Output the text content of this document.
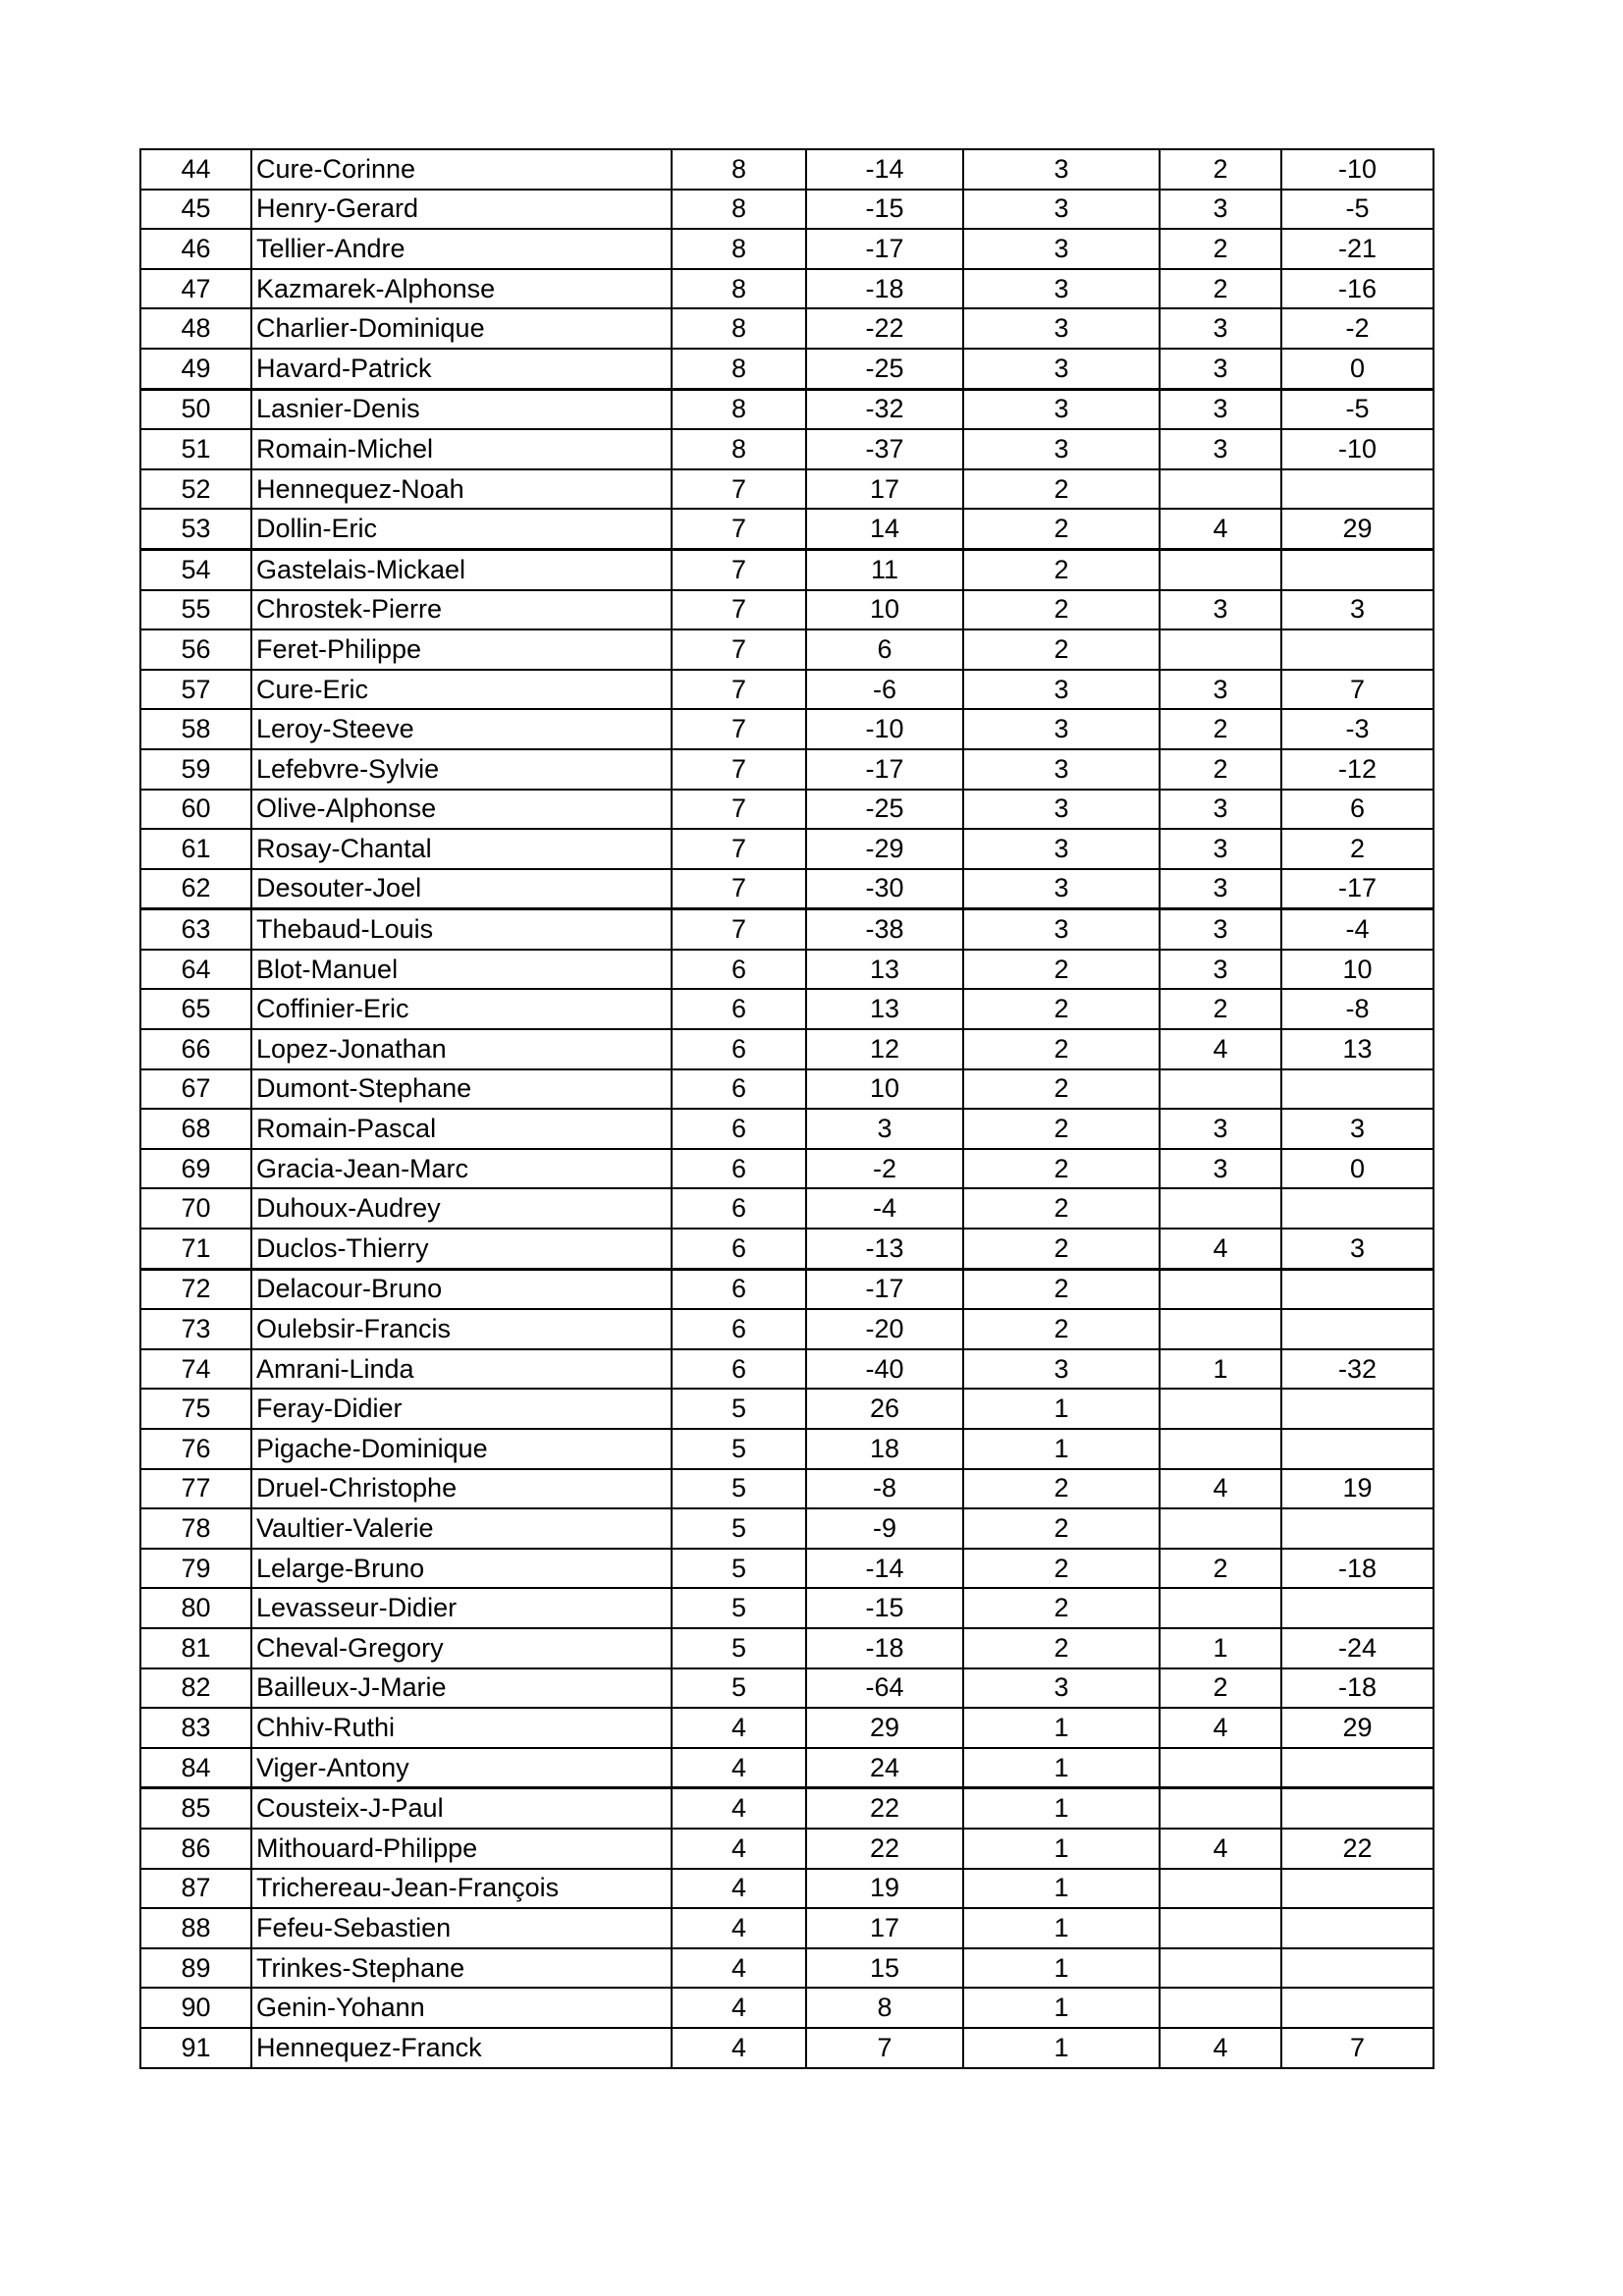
44	Cure-Corinne	8	-14	3	2	-10
45	Henry-Gerard	8	-15	3	3	-5
46	Tellier-Andre	8	-17	3	2	-21
47	Kazmarek-Alphonse	8	-18	3	2	-16
48	Charlier-Dominique	8	-22	3	3	-2
49	Havard-Patrick	8	-25	3	3	0
50	Lasnier-Denis	8	-32	3	3	-5
51	Romain-Michel	8	-37	3	3	-10
52	Hennequez-Noah	7	17	2		
53	Dollin-Eric	7	14	2	4	29
54	Gastelais-Mickael	7	11	2		
55	Chrostek-Pierre	7	10	2	3	3
56	Feret-Philippe	7	6	2		
57	Cure-Eric	7	-6	3	3	7
58	Leroy-Steeve	7	-10	3	2	-3
59	Lefebvre-Sylvie	7	-17	3	2	-12
60	Olive-Alphonse	7	-25	3	3	6
61	Rosay-Chantal	7	-29	3	3	2
62	Desouter-Joel	7	-30	3	3	-17
63	Thebaud-Louis	7	-38	3	3	-4
64	Blot-Manuel	6	13	2	3	10
65	Coffinier-Eric	6	13	2	2	-8
66	Lopez-Jonathan	6	12	2	4	13
67	Dumont-Stephane	6	10	2		
68	Romain-Pascal	6	3	2	3	3
69	Gracia-Jean-Marc	6	-2	2	3	0
70	Duhoux-Audrey	6	-4	2		
71	Duclos-Thierry	6	-13	2	4	3
72	Delacour-Bruno	6	-17	2		
73	Oulebsir-Francis	6	-20	2		
74	Amrani-Linda	6	-40	3	1	-32
75	Feray-Didier	5	26	1		
76	Pigache-Dominique	5	18	1		
77	Druel-Christophe	5	-8	2	4	19
78	Vaultier-Valerie	5	-9	2		
79	Lelarge-Bruno	5	-14	2	2	-18
80	Levasseur-Didier	5	-15	2		
81	Cheval-Gregory	5	-18	2	1	-24
82	Bailleux-J-Marie	5	-64	3	2	-18
83	Chhiv-Ruthi	4	29	1	4	29
84	Viger-Antony	4	24	1		
85	Cousteix-J-Paul	4	22	1		
86	Mithouard-Philippe	4	22	1	4	22
87	Trichereau-Jean-François	4	19	1		
88	Fefeu-Sebastien	4	17	1		
89	Trinkes-Stephane	4	15	1		
90	Genin-Yohann	4	8	1		
91	Hennequez-Franck	4	7	1	4	7
